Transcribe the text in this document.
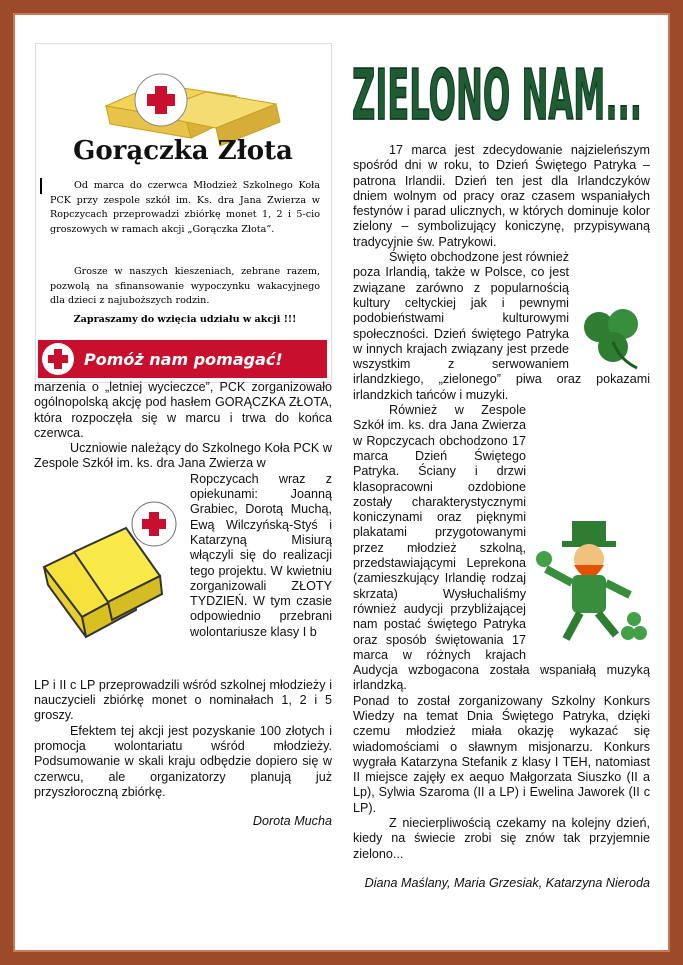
Gorączka Złota
Od marca do czerwca Młodzież Szkolnego Koła PCK przy zespole szkół im. Ks. dra Jana Zwierza w Ropczycach przeprowadzi zbiórkę monet 1, 2 i 5-cio groszowych w ramach akcji „Gorączka Złota”.
Grosze w naszych kieszeniach, zebrane razem, pozwolą na sfinansowanie wypoczynku wakacyjnego dla dzieci z najuboższych rodzin.
Zapraszamy do wzięcia udziału w akcji !!!
Pomóż nam pomagać!

marzenia o „letniej wycieczce”, PCK zorganizowało ogólnopolską akcję pod hasłem GORĄCZKA ZŁOTA, która rozpoczęła się w marcu i trwa do końca czerwca.

Uczniowie należący do Szkolnego Koła PCK w Zespole Szkół im. ks. dra Jana Zwierza w

Ropczycach wraz z opiekunami: Joanną Grabiec, Dorotą Muchą, Ewą Wilczyńską-Styś i Katarzyną Misiurą włączyli się do realizacji tego projektu. W kwietniu zorganizowali ZŁOTY TYDZIEŃ. W tym czasie odpowiednio przebrani wolontariusze klasy I b

LP i II c LP przeprowadzili wśród szkolnej młodzieży i nauczycieli zbiórkę monet o nominałach 1, 2 i 5 groszy.

Efektem tej akcji jest pozyskanie 100 złotych i promocja wolontariatu wśród młodzieży. Podsumowanie w skali kraju odbędzie dopiero się w czerwcu, ale organizatorzy planują już przyszłoroczną zbiórkę.

Dorota Mucha

ZIELONO NAM...

17 marca jest zdecydowanie najzieleńszym spośród dni w roku, to Dzień Świętego Patryka – patrona Irlandii. Dzień ten jest dla Irlandczyków dniem wolnym od pracy oraz czasem wspaniałych festynów i parad ulicznych, w których dominuje kolor zielony – symbolizujący koniczynę, przypisywaną tradycyjnie św. Patrykowi.

Święto obchodzone jest również poza Irlandią, także w Polsce, co jest związane zarówno z popularnością kultury celtyckiej jak i pewnymi podobieństwami kulturowymi społeczności. Dzień świętego Patryka w innych krajach związany jest przede wszystkim z serwowaniem irlandzkiego, „zielonego” piwa oraz pokazami irlandzkich tańców i muzyki.

Również w Zespole Szkół im. ks. dra Jana Zwierza w Ropczycach obchodzono 17 marca Dzień Świętego Patryka. Ściany i drzwi klasopracowni ozdobione zostały charakterystycznymi koniczynami oraz pięknymi plakatami przygotowanymi przez młodzież szkolną, przedstawiającymi Leprekona (zamieszkujący Irlandię rodzaj skrzata) Wysłuchaliśmy również audycji przybliżającej nam postać świętego Patryka oraz sposób świętowania 17 marca w różnych krajach Audycja wzbogacona została wspaniałą muzyką irlandzką.

Ponad to został zorganizowany Szkolny Konkurs Wiedzy na temat Dnia Świętego Patryka, dzięki czemu młodzież miała okazję wykazać się wiadomościami o sławnym misjonarzu. Konkurs wygrała Katarzyna Stefanik z klasy I TEH, natomiast II miejsce zajęły ex aequo Małgorzata Siuszko (II a Lp), Sylwia Szaroma (II a LP) i Ewelina Jaworek (II c LP).

Z niecierpliwością czekamy na kolejny dzień, kiedy na świecie zrobi się znów tak przyjemnie zielono...

Diana Maślany, Maria Grzesiak, Katarzyna Nieroda
